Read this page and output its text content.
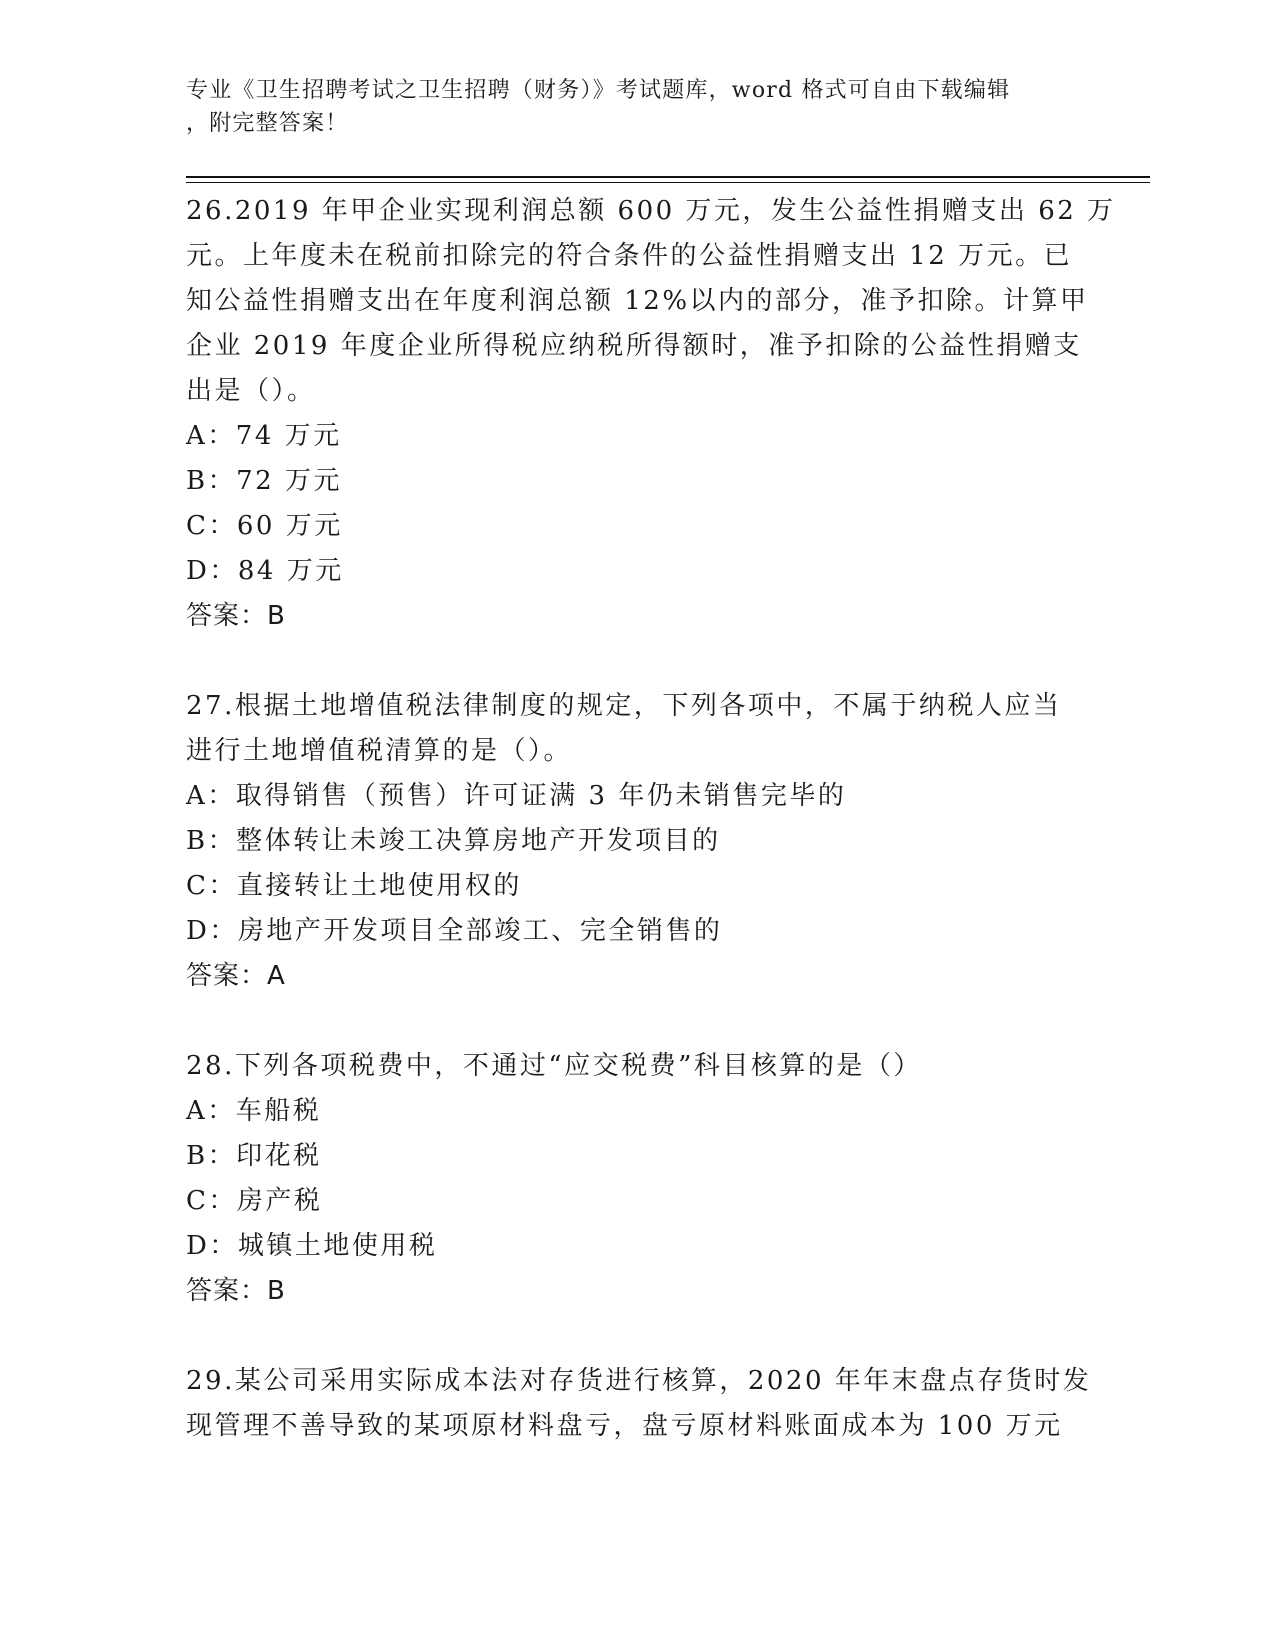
专业《卫生招聘考试之卫生招聘（财务）》考试题库，word 格式可自由下载编辑
，附完整答案！
26.2019 年甲企业实现利润总额 600 万元，发生公益性捐赠支出 62 万
元。上年度未在税前扣除完的符合条件的公益性捐赠支出 12 万元。已
知公益性捐赠支出在年度利润总额 12%以内的部分，准予扣除。计算甲
企业 2019 年度企业所得税应纳税所得额时，准予扣除的公益性捐赠支
出是（）。
A：74 万元
B：72 万元
C：60 万元
D：84 万元
答案：B
27.根据土地增值税法律制度的规定，下列各项中，不属于纳税人应当
进行土地增值税清算的是（）。
A：取得销售（预售）许可证满 3 年仍未销售完毕的
B：整体转让未竣工决算房地产开发项目的
C：直接转让土地使用权的
D：房地产开发项目全部竣工、完全销售的
答案：A
28.下列各项税费中，不通过“应交税费”科目核算的是（）
A：车船税
B：印花税
C：房产税
D：城镇土地使用税
答案：B
29.某公司采用实际成本法对存货进行核算，2020 年年末盘点存货时发
现管理不善导致的某项原材料盘亏，盘亏原材料账面成本为 100 万元
